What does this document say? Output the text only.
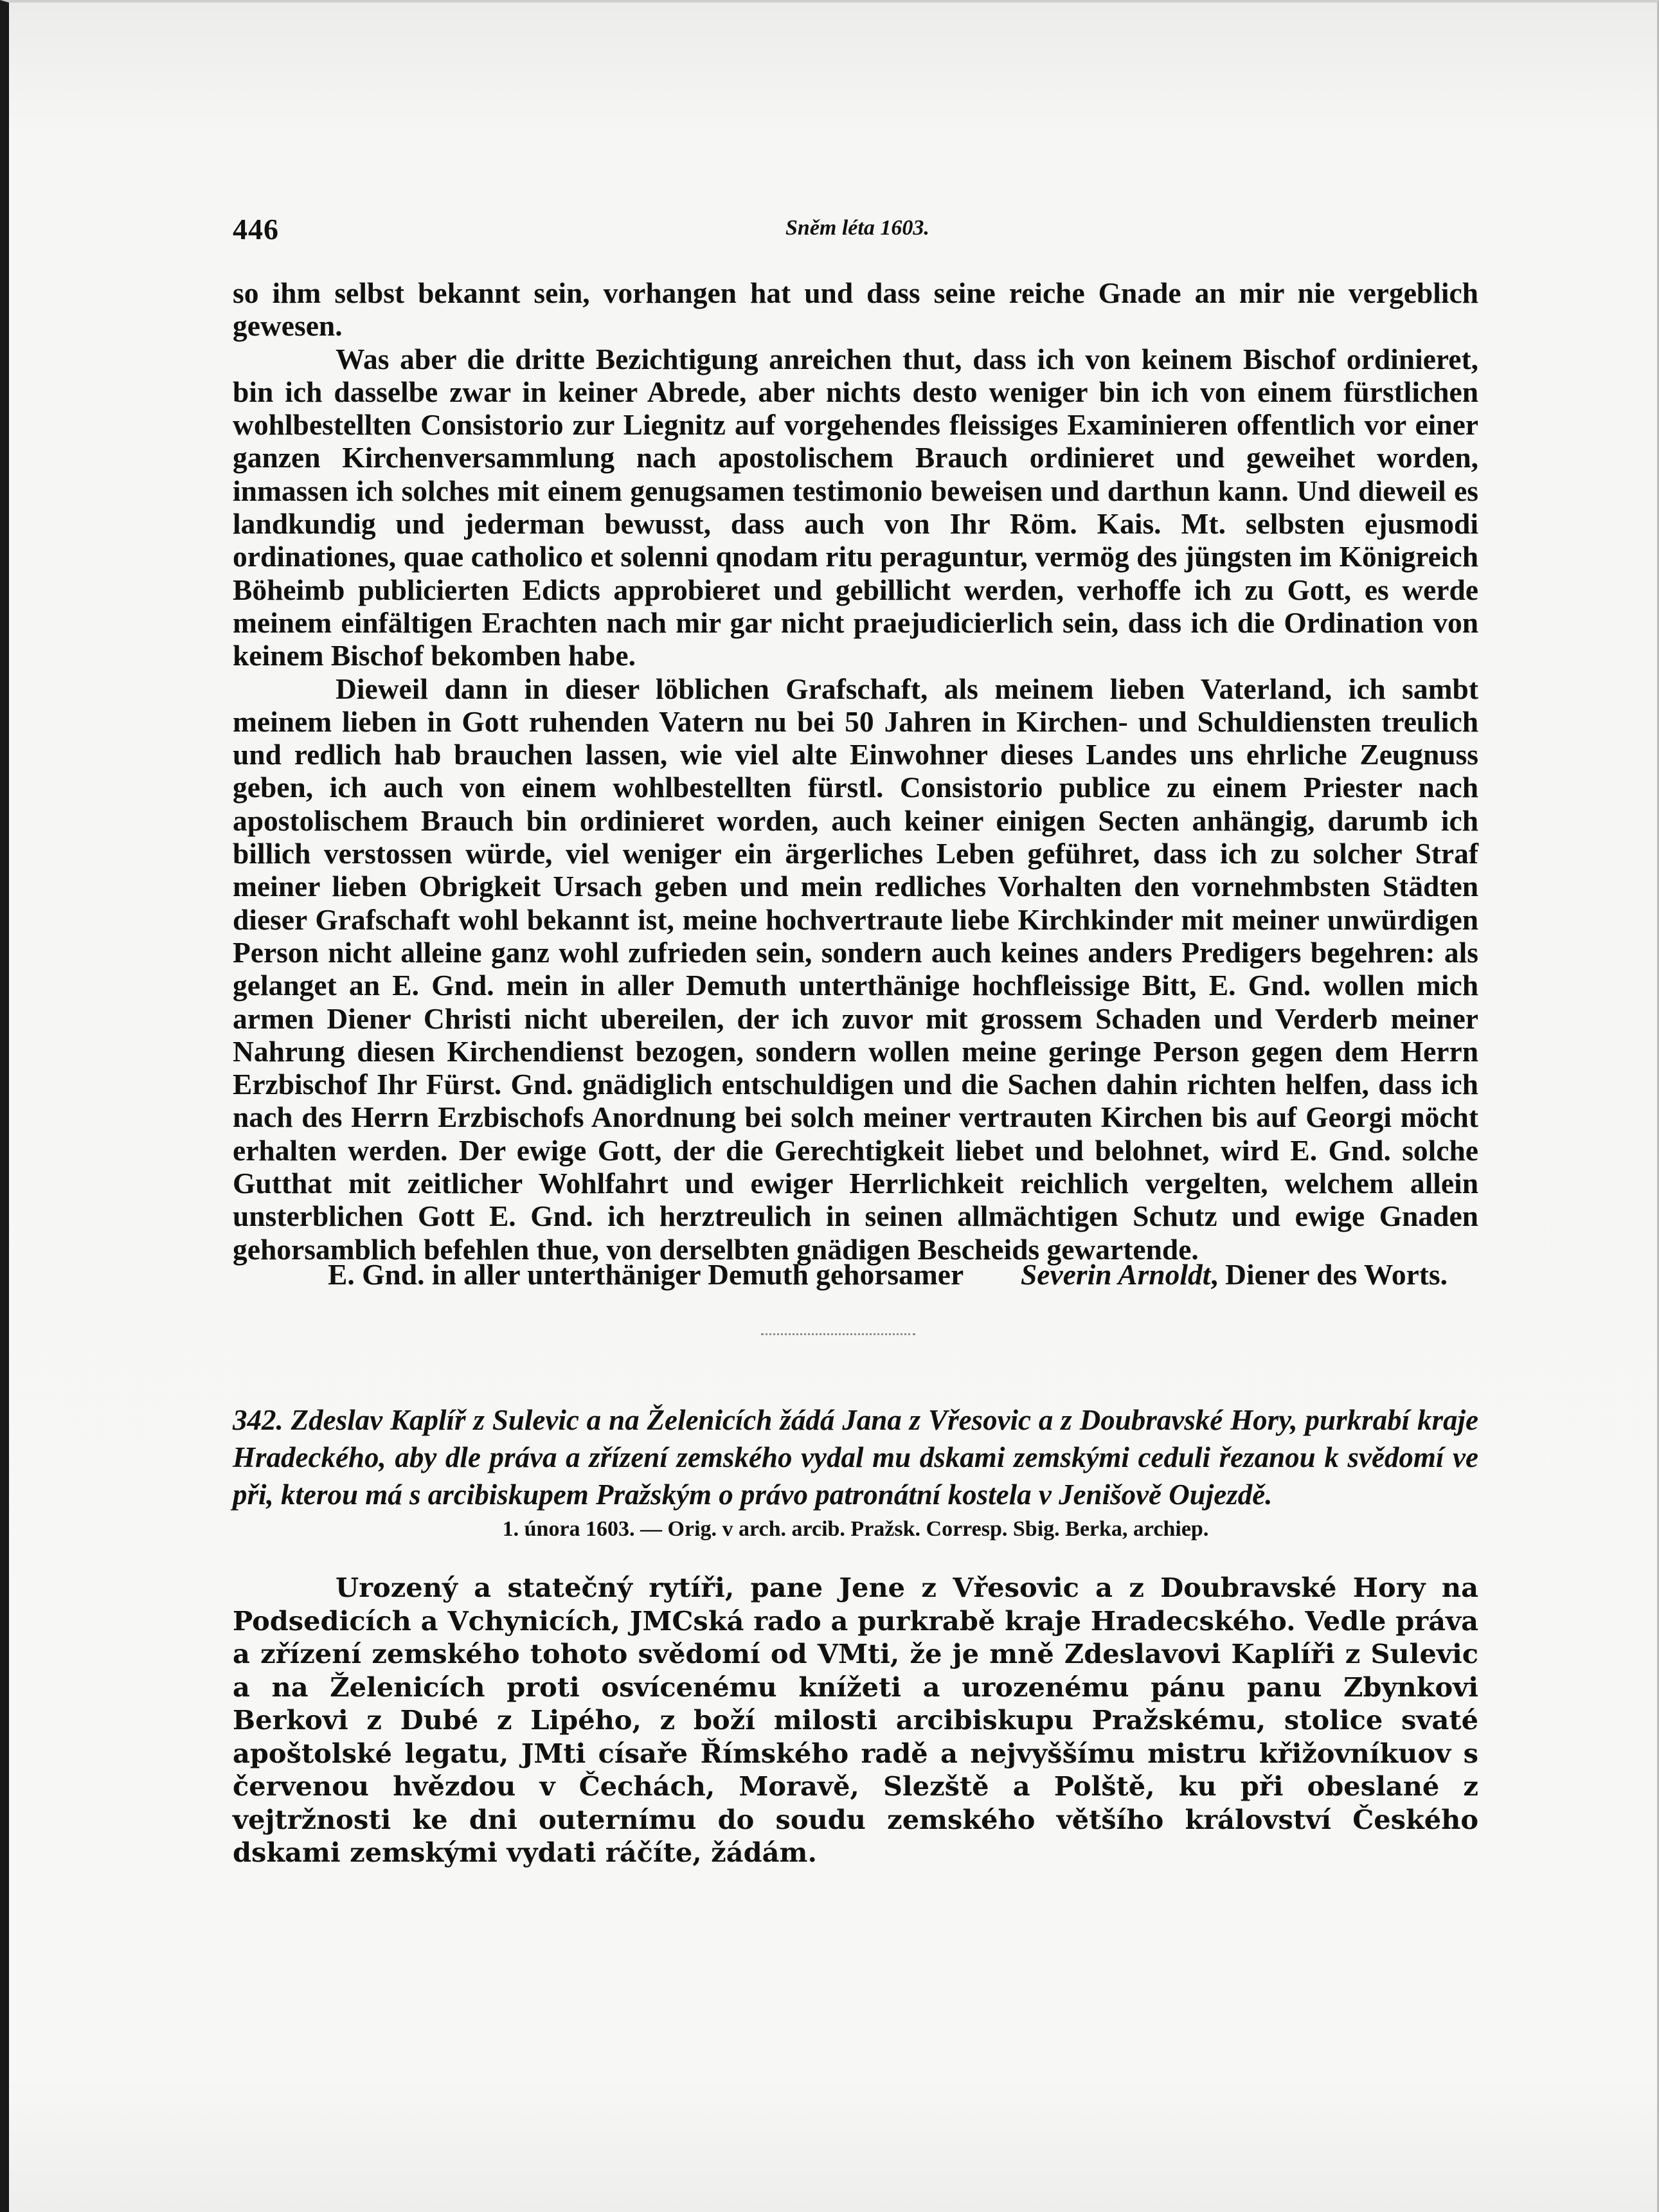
446	Sněm léta 1603.

so ihm selbst bekannt sein, vorhangen hat und dass seine reiche Gnade an mir nie vergeblich gewesen.

Was aber die dritte Bezichtigung anreichen thut, dass ich von keinem Bischof ordinieret, bin ich dasselbe zwar in keiner Abrede, aber nichts desto weniger bin ich von einem fürstlichen wohlbestellten Consistorio zur Liegnitz auf vorgehendes fleissiges Examinieren offentlich vor einer ganzen Kirchenversammlung nach apostolischem Brauch ordinieret und geweihet worden, inmassen ich solches mit einem genugsamen testimonio beweisen und darthun kann. Und dieweil es landkundig und jederman bewusst, dass auch von Ihr Röm. Kais. Mt. selbsten ejusmodi ordinationes, quae catholico et solenni qnodam ritu peraguntur, vermög des jüngsten im Königreich Böheimb publicierten Edicts approbieret und gebillicht werden, verhoffe ich zu Gott, es werde meinem einfältigen Erachten nach mir gar nicht praejudicierlich sein, dass ich die Ordination von keinem Bischof bekomben habe.

Dieweil dann in dieser löblichen Grafschaft, als meinem lieben Vaterland, ich sambt meinem lieben in Gott ruhenden Vatern nu bei 50 Jahren in Kirchen- und Schuldiensten treulich und redlich hab brauchen lassen, wie viel alte Einwohner dieses Landes uns ehrliche Zeugnuss geben, ich auch von einem wohlbestellten fürstl. Consistorio publice zu einem Priester nach apostolischem Brauch bin ordinieret worden, auch keiner einigen Secten anhängig, darumb ich billich verstossen würde, viel weniger ein ärgerliches Leben geführet, dass ich zu solcher Straf meiner lieben Obrigkeit Ursach geben und mein redliches Vorhalten den vornehmbsten Städten dieser Grafschaft wohl bekannt ist, meine hochvertraute liebe Kirchkinder mit meiner unwürdigen Person nicht alleine ganz wohl zufrieden sein, sondern auch keines anders Predigers begehren: als gelanget an E. Gnd. mein in aller Demuth unterthänige hochfleissige Bitt, E. Gnd. wollen mich armen Diener Christi nicht ubereilen, der ich zuvor mit grossem Schaden und Verderb meiner Nahrung diesen Kirchendienst bezogen, sondern wollen meine geringe Person gegen dem Herrn Erzbischof Ihr Fürst. Gnd. gnädiglich entschuldigen und die Sachen dahin richten helfen, dass ich nach des Herrn Erzbischofs Anordnung bei solch meiner vertrauten Kirchen bis auf Georgi möcht erhalten werden. Der ewige Gott, der die Gerechtigkeit liebet und belohnet, wird E. Gnd. solche Gutthat mit zeitlicher Wohlfahrt und ewiger Herrlichkeit reichlich vergelten, welchem allein unsterblichen Gott E. Gnd. ich herztreulich in seinen allmächtigen Schutz und ewige Gnaden gehorsamblich befehlen thue, von derselbten gnädigen Bescheids gewartende.

E. Gnd. in aller unterthäniger Demuth gehorsamer Severin Arnoldt, Diener des Worts.
342. Zdeslav Kaplíř z Sulevic a na Želenicích žádá Jana z Vřesovic a z Doubravské Hory, purkrabí kraje Hradeckého, aby dle práva a zřízení zemského vydal mu dskami zemskými ceduli řezanou k svědomí ve při, kterou má s arcibiskupem Pražským o právo patronátní kostela v Jenišově Oujezdě.
1. února 1603. — Orig. v arch. arcib. Pražsk. Corresp. Sbig. Berka, archiep.

Urozený a statečný rytíři, pane Jene z Vřesovic a z Doubravské Hory na Podsedicích a Vchynicích, JMCská rado a purkrabě kraje Hradecského. Vedle práva a zřízení zemského tohoto svědomí od VMti, že je mně Zdeslavovi Kaplíři z Sulevic a na Želenicích proti osvícenému knížeti a urozenému pánu panu Zbynkovi Berkovi z Dubé z Lipého, z boží milosti arcibiskupu Pražskému, stolice svaté apoštolské legatu, JMti císaře Římského radě a nejvyššímu mistru křižovníkuov s červenou hvězdou v Čechách, Moravě, Slezště a Polště, ku při obeslané z vejtržnosti ke dni outernímu do soudu zemského většího království Českého dskami zemskými vydati ráčíte, žádám.
